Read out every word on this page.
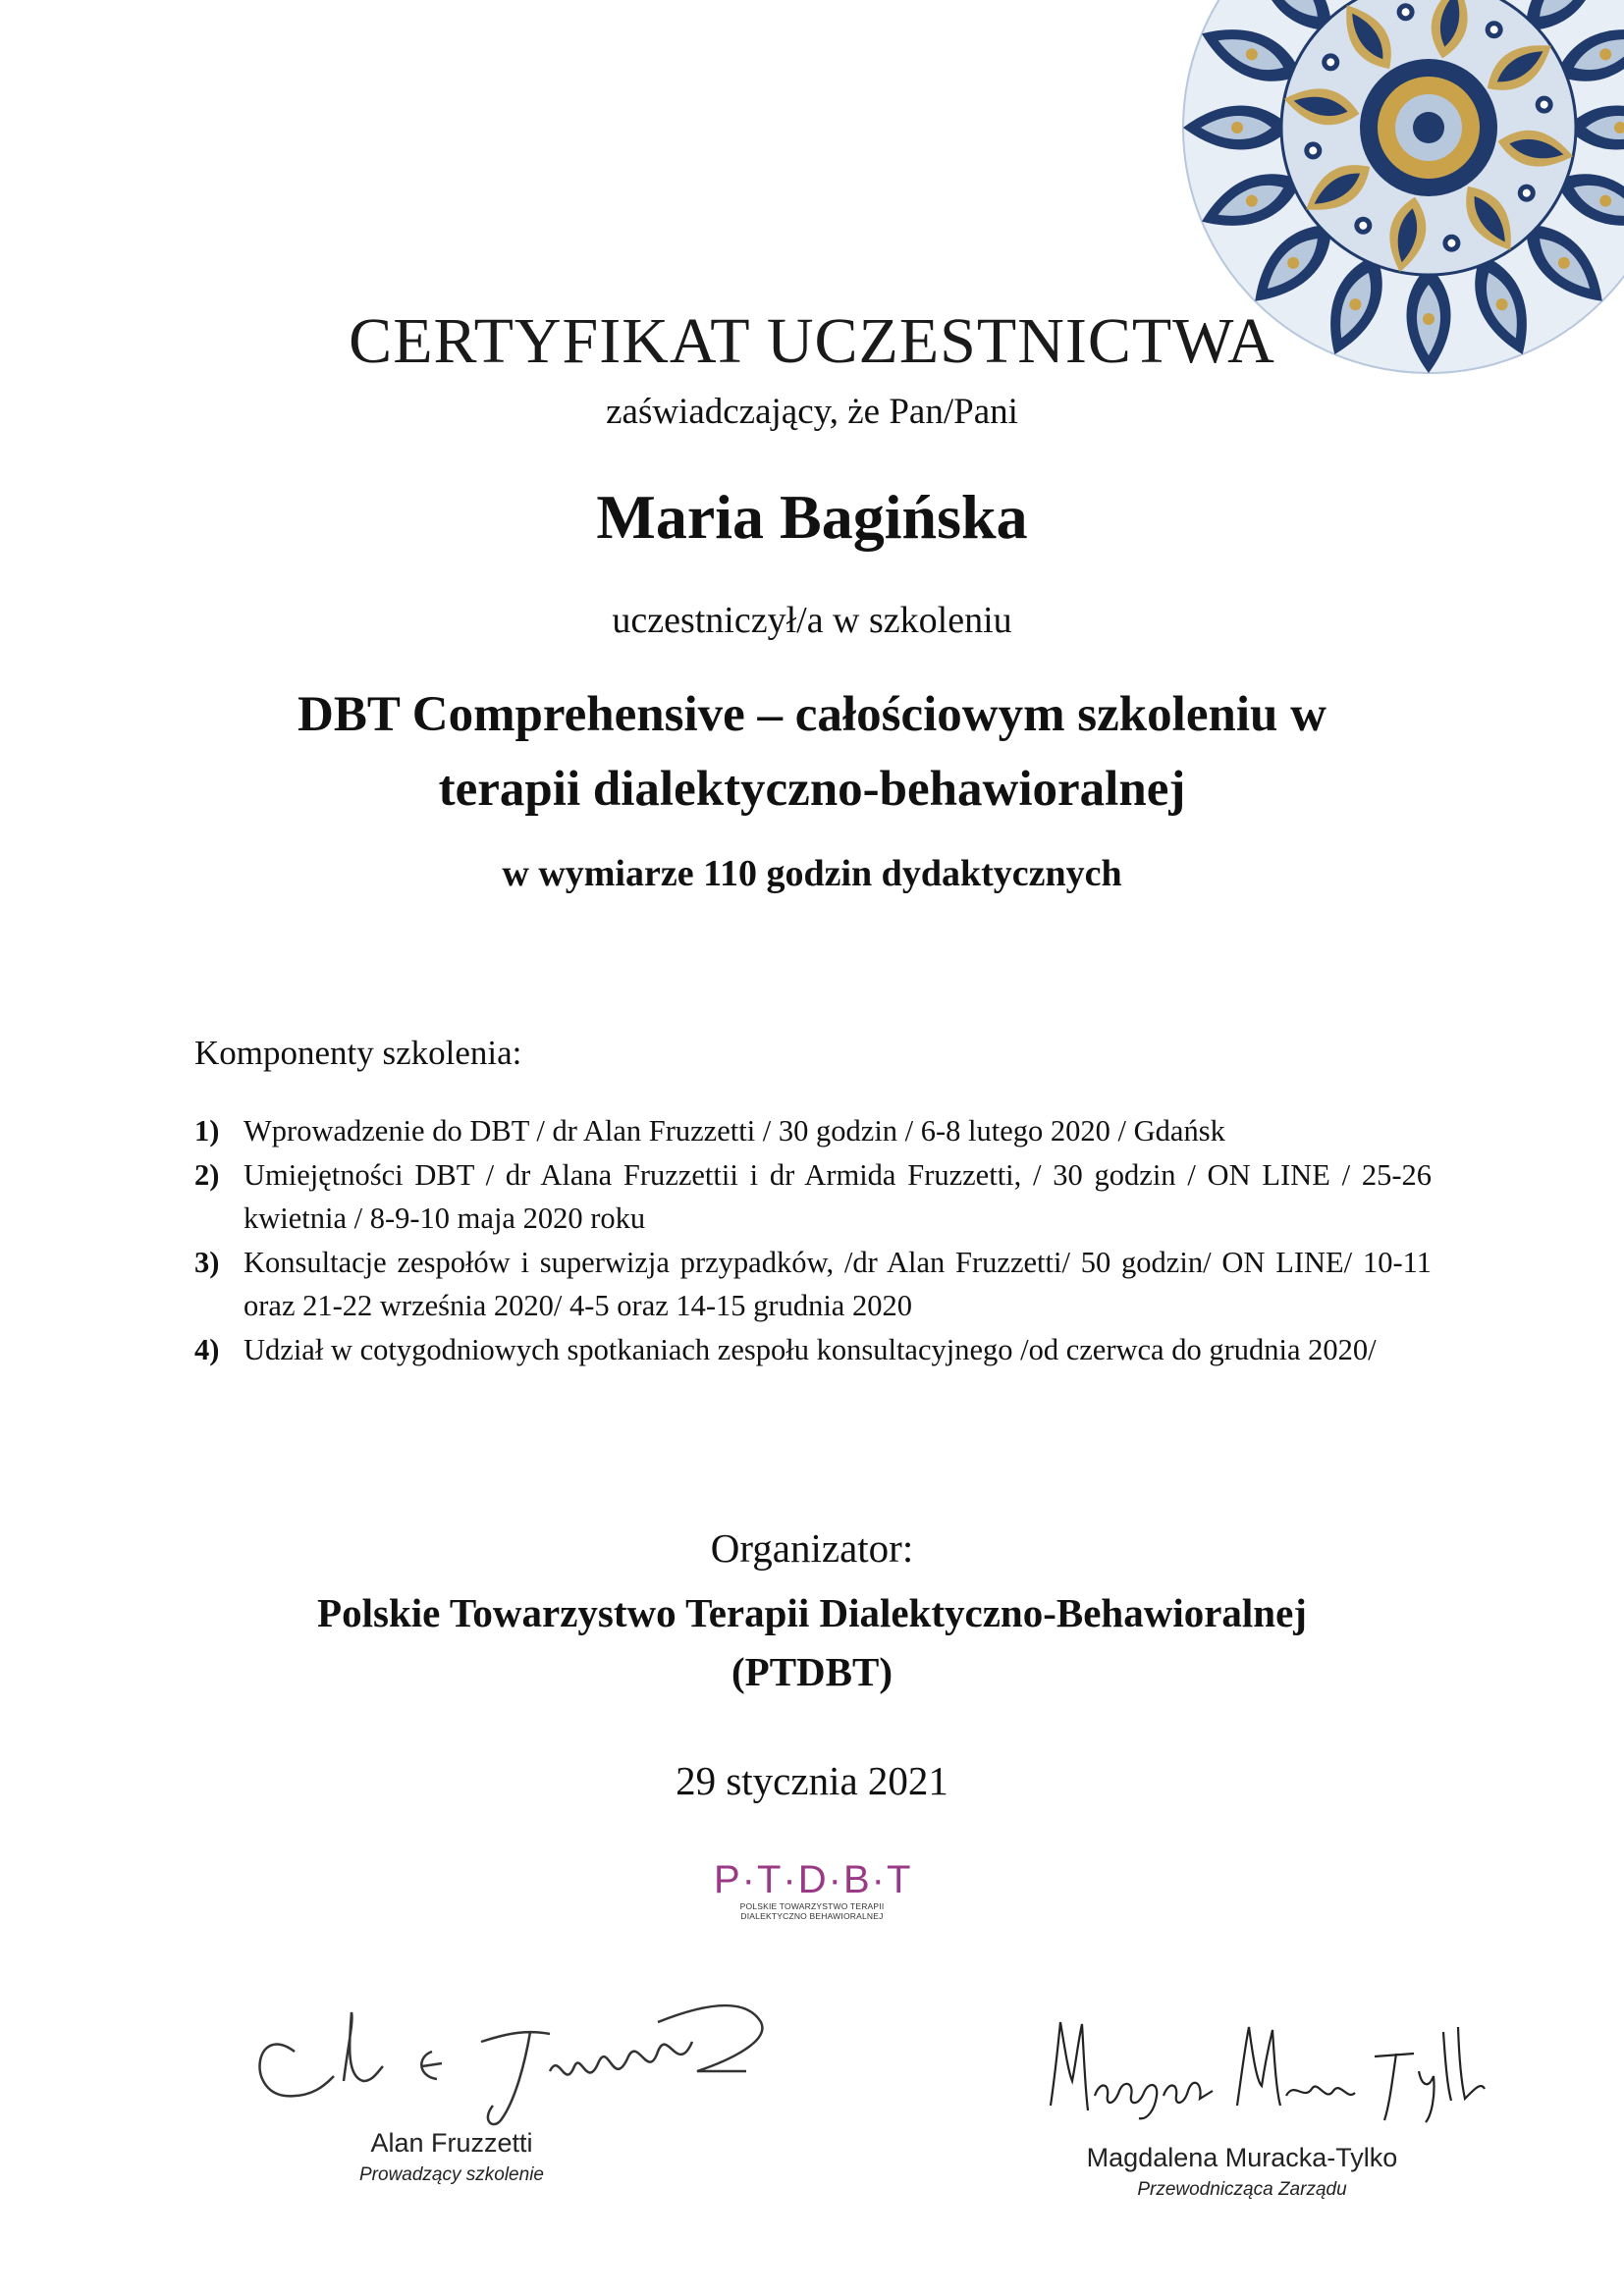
CERTYFIKAT UCZESTNICTWA
zaświadczający, że Pan/Pani
Maria Bagińska
uczestniczył/a w szkoleniu
DBT Comprehensive – całościowym szkoleniu w
terapii dialektyczno-behawioralnej
w wymiarze 110 godzin dydaktycznych
Komponenty szkolenia:
1) Wprowadzenie do DBT / dr Alan Fruzzetti / 30 godzin / 6-8 lutego 2020 / Gdańsk
2) Umiejętności DBT / dr Alana Fruzzettii i dr Armida Fruzzetti, / 30 godzin / ON LINE / 25-26 kwietnia / 8-9-10 maja 2020 roku
3) Konsultacje zespołów i superwizja przypadków, /dr Alan Fruzzetti/ 50 godzin/ ON LINE/ 10-11 oraz 21-22 września 2020/ 4-5 oraz 14-15 grudnia 2020
4) Udział w cotygodniowych spotkaniach zespołu konsultacyjnego /od czerwca do grudnia 2020/
Organizator:
Polskie Towarzystwo Terapii Dialektyczno-Behawioralnej
(PTDBT)
29 stycznia 2021
P·T·D·B·T
POLSKIE TOWARZYSTWO TERAPII
DIALEKTYCZNO BEHAWIORALNEJ
Alan Fruzzetti
Prowadzący szkolenie
Magdalena Muracka-Tylko
Przewodnicząca Zarządu
